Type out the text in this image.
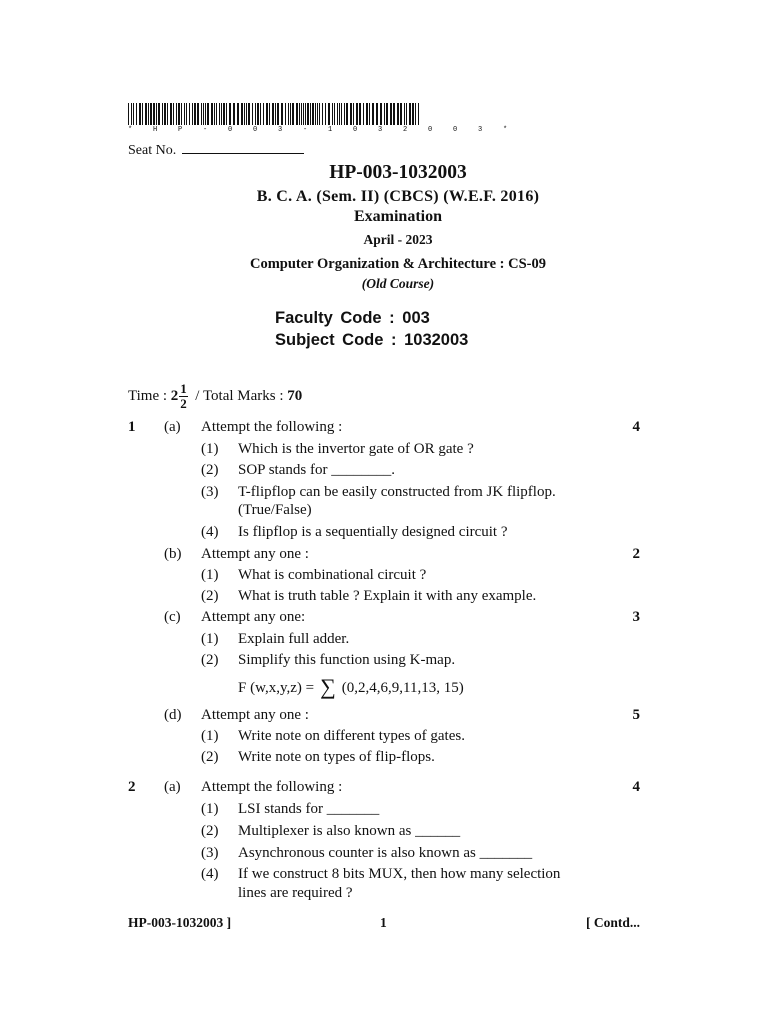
* H P - 0 0 3 - 1 0 3 2 0 0 3 *
Seat No.
HP-003-1032003
B. C. A. (Sem. II) (CBCS) (W.E.F. 2016)
Examination
April - 2023
Computer Organization & Architecture : CS-09
(Old Course)
Faculty Code : 003
Subject Code : 1032003
Time : $2 \frac{1}{2}$ / Total Marks : 70
1 (a) Attempt the following :	4
(1) Which is the invertor gate of OR gate ?
(2) SOP stands for ________.
(3) T-flipflop can be easily constructed from JK flipflop.
(True/False)
(4) Is flipflop is a sequentially designed circuit ?
(b) Attempt any one :	2
(1) What is combinational circuit ?
(2) What is truth table ? Explain it with any example.
(c) Attempt any one:	3
(1) Explain full adder.
(2) Simplify this function using K-map.
F (w,x,y,z) = ∑ (0,2,4,6,9,11,13, 15)
(d) Attempt any one :	5
(1) Write note on different types of gates.
(2) Write note on types of flip-flops.
2 (a) Attempt the following :	4
(1) LSI stands for _______
(2) Multiplexer is also known as ______
(3) Asynchronous counter is also known as _______
(4) If we construct 8 bits MUX, then how many selection
lines are required ?
HP-003-1032003 ]	1	[ Contd...
